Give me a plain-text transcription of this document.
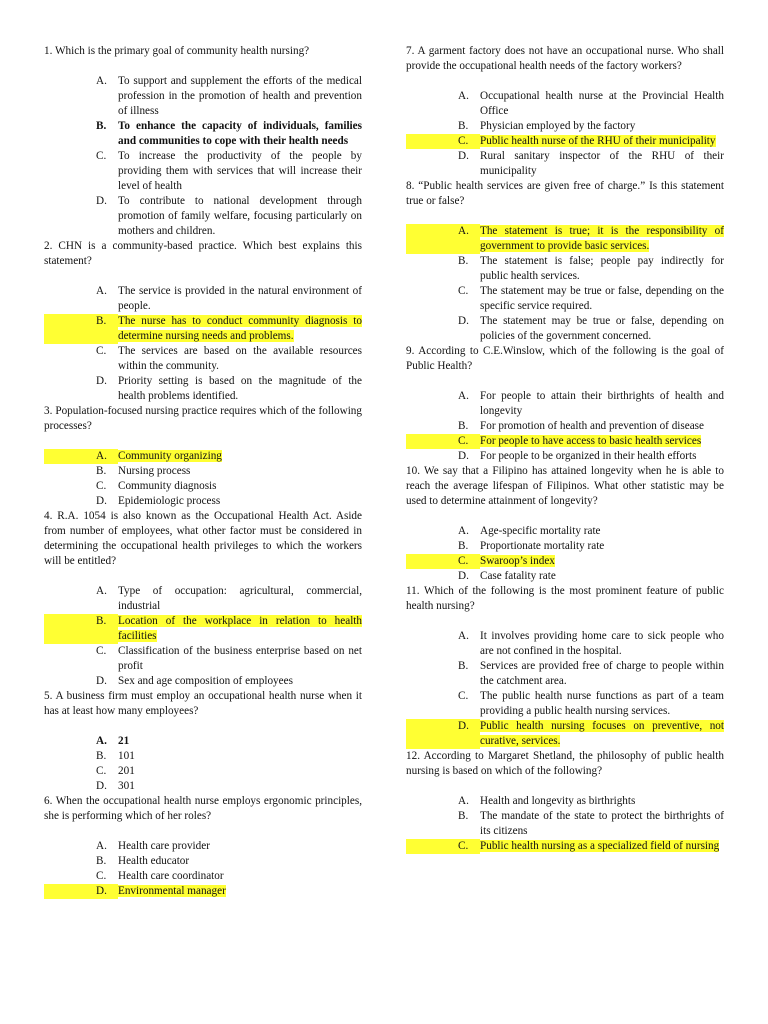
1. Which is the primary goal of community health nursing?

A. To support and supplement the efforts of the medical profession in the promotion of health and prevention of illness
B.	To enhance the capacity of individuals, families and communities to cope with their health needs
C.	To increase the productivity of the people by providing them with services that will increase their level of health
D. To contribute to national development through promotion of family welfare, focusing particularly on mothers and children.

2. CHN is a community-based practice. Which best explains this statement?

A. The service is provided in the natural environment of people.
B.	The nurse has to conduct community diagnosis to determine nursing needs and problems.
C.	The services are based on the available resources within the community.
D. Priority setting is based on the magnitude of the health problems identified.

3. Population-focused nursing practice requires which of the following processes?

A. Community organizing
B.	Nursing process
C.	Community diagnosis
D. Epidemiologic process

4. R.A. 1054 is also known as the Occupational Health Act. Aside from number of employees, what other factor must be considered in determining the occupational health privileges to which the workers will be entitled?

A. Type of occupation: agricultural, commercial, industrial
B.	Location of the workplace in relation to health facilities
C.	Classification of the business enterprise based on net profit
D. Sex and age composition of employees

5. A business firm must employ an occupational health nurse when it has at least how many employees?

A. 21
B.	101
C.	201
D. 301

6. When the occupational health nurse employs ergonomic principles, she is performing which of her roles?

A. Health care provider
B.	Health educator
C.	Health care coordinator
D. Environmental manager

7. A garment factory does not have an occupational nurse. Who shall provide the occupational health needs of the factory workers?

A. Occupational health nurse at the Provincial Health Office
B.	Physician employed by the factory
C.	Public health nurse of the RHU of their municipality
D. Rural sanitary inspector of the RHU of their municipality

8. “Public health services are given free of charge.” Is this statement true or false?

A. The statement is true; it is the responsibility of government to provide basic services.
B.	The statement is false; people pay indirectly for public health services.
C.	The statement may be true or false, depending on the specific service required.
D. The statement may be true or false, depending on policies of the government concerned.

9. According to C.E.Winslow, which of the following is the goal of Public Health?

A. For people to attain their birthrights of health and longevity
B.	For promotion of health and prevention of disease
C.	For people to have access to basic health services
D. For people to be organized in their health efforts

10. We say that a Filipino has attained longevity when he is able to reach the average lifespan of Filipinos. What other statistic may be used to determine attainment of longevity?

A. Age-specific mortality rate
B.	Proportionate mortality rate
C.	Swaroop’s index
D. Case fatality rate

11. Which of the following is the most prominent feature of public health nursing?

A. It involves providing home care to sick people who are not confined in the hospital.
B.	Services are provided free of charge to people within the catchment area.
C.	The public health nurse functions as part of a team providing a public health nursing services.
D. Public health nursing focuses on preventive, not curative, services.

12. According to Margaret Shetland, the philosophy of public health nursing is based on which of the following?

A. Health and longevity as birthrights
B.	The mandate of the state to protect the birthrights of its citizens
C.	Public health nursing as a specialized field of nursing
